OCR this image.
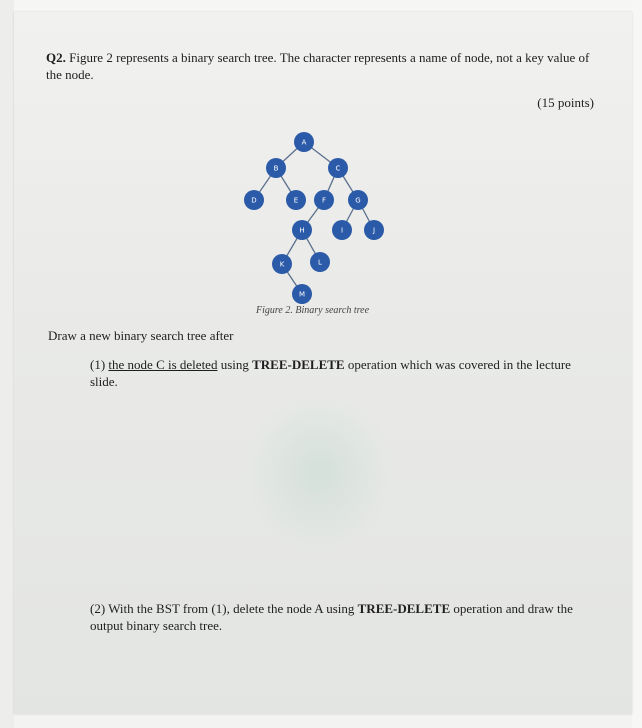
Q2. Figure 2 represents a binary search tree. The character represents a name of node, not a key value of the node.
(15 points)
A
B	C
D	E	F	G
H	I	J
K	L
M
Figure 2. Binary search tree
Draw a new binary search tree after
(1) the node C is deleted using TREE-DELETE operation which was covered in the lecture slide.
(2) With the BST from (1), delete the node A using TREE-DELETE operation and draw the output binary search tree.
